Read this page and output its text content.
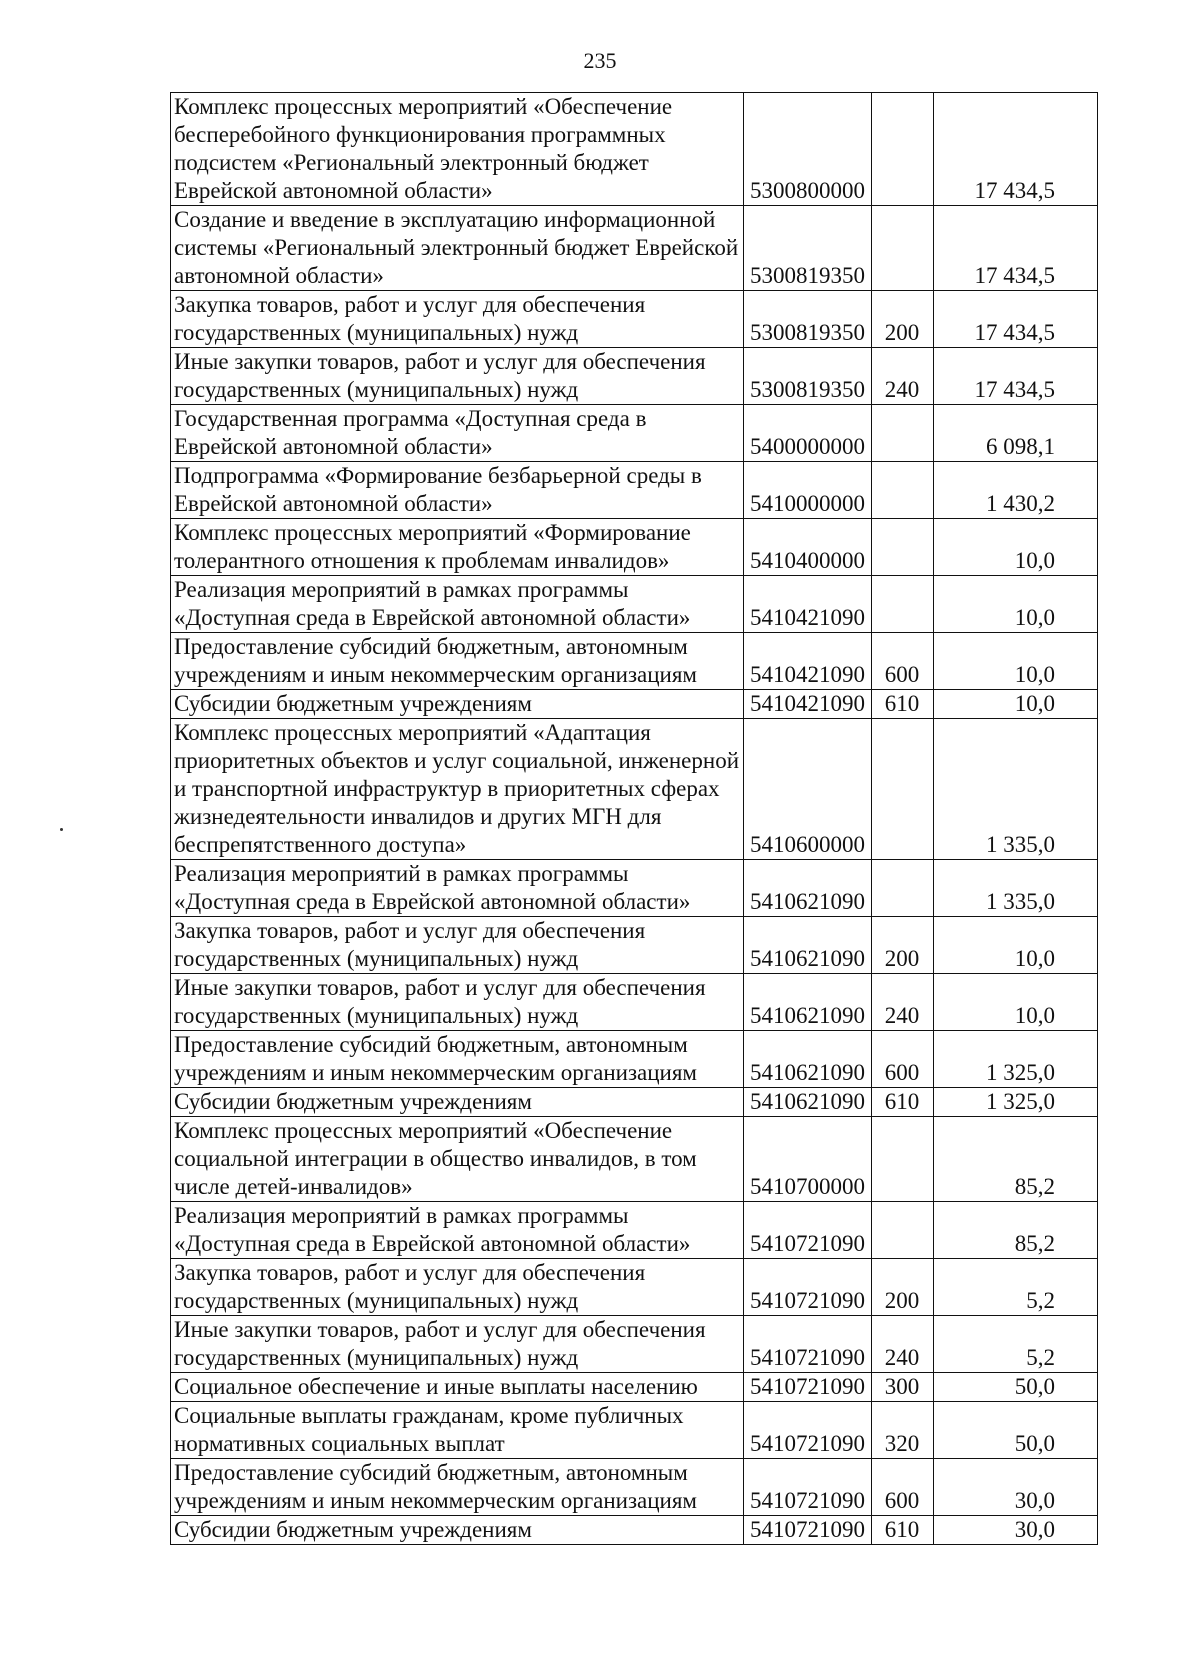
235
Комплекс процессных мероприятий «Обеспечение бесперебойного функционирования программных подсистем «Региональный электронный бюджет Еврейской автономной области»	5300800000		17 434,5
Создание и введение в эксплуатацию информационной системы «Региональный электронный бюджет Еврейской автономной области»	5300819350		17 434,5
Закупка товаров, работ и услуг для обеспечения государственных (муниципальных) нужд	5300819350	200	17 434,5
Иные закупки товаров, работ и услуг для обеспечения государственных (муниципальных) нужд	5300819350	240	17 434,5
Государственная программа «Доступная среда в Еврейской автономной области»	5400000000		6 098,1
Подпрограмма «Формирование безбарьерной среды в Еврейской автономной области»	5410000000		1 430,2
Комплекс процессных мероприятий «Формирование толерантного отношения к проблемам инвалидов»	5410400000		10,0
Реализация мероприятий в рамках программы «Доступная среда в Еврейской автономной области»	5410421090		10,0
Предоставление субсидий бюджетным, автономным учреждениям и иным некоммерческим организациям	5410421090	600	10,0
Субсидии бюджетным учреждениям	5410421090	610	10,0
Комплекс процессных мероприятий «Адаптация приоритетных объектов и услуг социальной, инженерной и транспортной инфраструктур в приоритетных сферах жизнедеятельности инвалидов и других МГН для беспрепятственного доступа»	5410600000		1 335,0
Реализация мероприятий в рамках программы «Доступная среда в Еврейской автономной области»	5410621090		1 335,0
Закупка товаров, работ и услуг для обеспечения государственных (муниципальных) нужд	5410621090	200	10,0
Иные закупки товаров, работ и услуг для обеспечения государственных (муниципальных) нужд	5410621090	240	10,0
Предоставление субсидий бюджетным, автономным учреждениям и иным некоммерческим организациям	5410621090	600	1 325,0
Субсидии бюджетным учреждениям	5410621090	610	1 325,0
Комплекс процессных мероприятий «Обеспечение социальной интеграции в общество инвалидов, в том числе детей-инвалидов»	5410700000		85,2
Реализация мероприятий в рамках программы «Доступная среда в Еврейской автономной области»	5410721090		85,2
Закупка товаров, работ и услуг для обеспечения государственных (муниципальных) нужд	5410721090	200	5,2
Иные закупки товаров, работ и услуг для обеспечения государственных (муниципальных) нужд	5410721090	240	5,2
Социальное обеспечение и иные выплаты населению	5410721090	300	50,0
Социальные выплаты гражданам, кроме публичных нормативных социальных выплат	5410721090	320	50,0
Предоставление субсидий бюджетным, автономным учреждениям и иным некоммерческим организациям	5410721090	600	30,0
Субсидии бюджетным учреждениям	5410721090	610	30,0
